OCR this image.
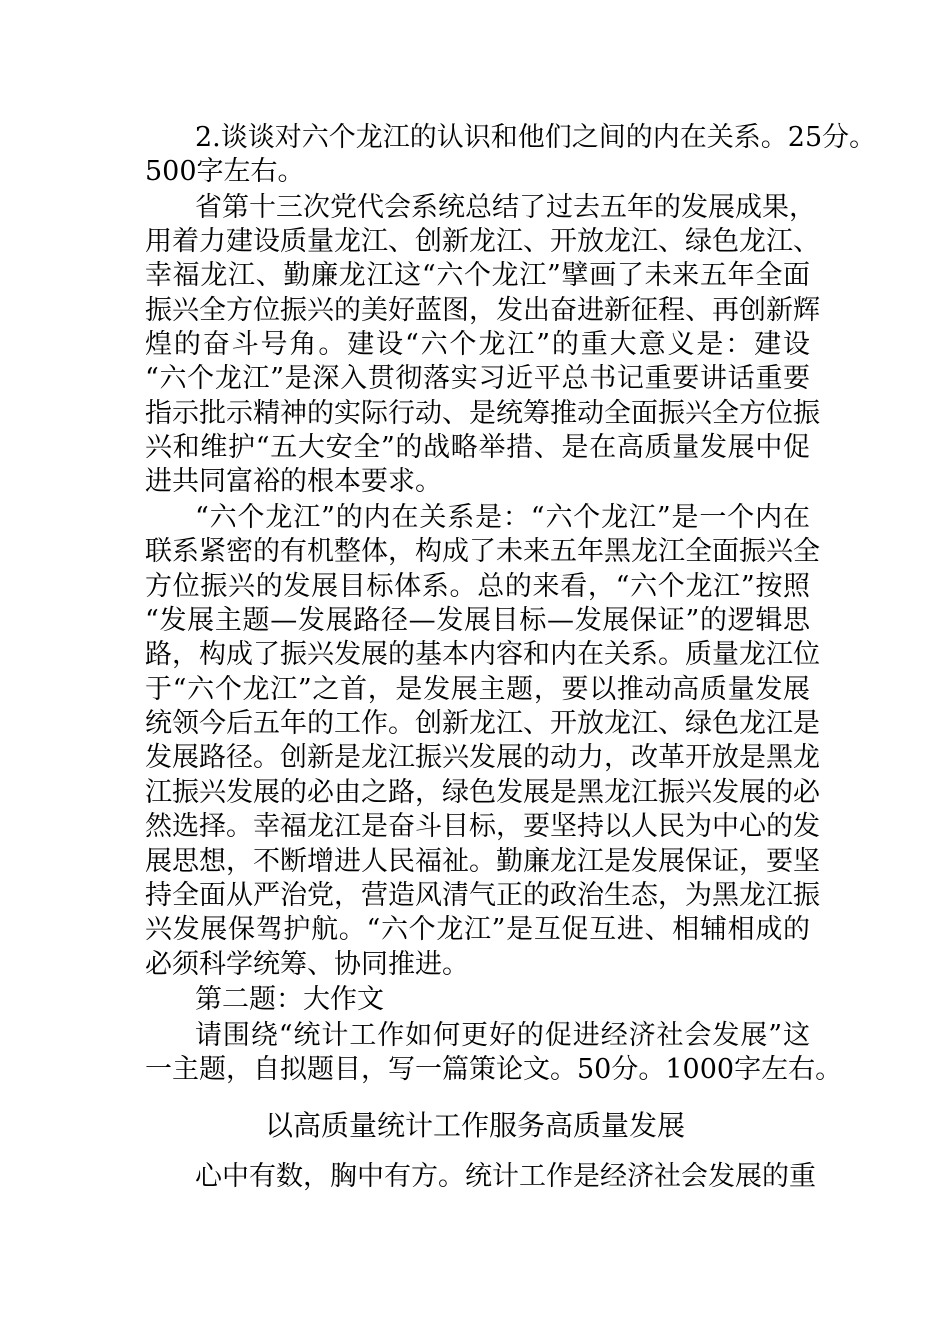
2.谈谈对六个龙江的认识和他们之间的内在关系。25分。
500字左右。
省第十三次党代会系统总结了过去五年的发展成果，
用着力建设质量龙江、创新龙江、开放龙江、绿色龙江、
幸福龙江、勤廉龙江这“六个龙江”擘画了未来五年全面
振兴全方位振兴的美好蓝图，发出奋进新征程、再创新辉
煌的奋斗号角。建设“六个龙江”的重大意义是：建设
“六个龙江”是深入贯彻落实习近平总书记重要讲话重要
指示批示精神的实际行动、是统筹推动全面振兴全方位振
兴和维护“五大安全”的战略举措、是在高质量发展中促
进共同富裕的根本要求。
“六个龙江”的内在关系是：“六个龙江”是一个内在
联系紧密的有机整体，构成了未来五年黑龙江全面振兴全
方位振兴的发展目标体系。总的来看，“六个龙江”按照
“发展主题—发展路径—发展目标—发展保证”的逻辑思
路，构成了振兴发展的基本内容和内在关系。质量龙江位
于“六个龙江”之首，是发展主题，要以推动高质量发展
统领今后五年的工作。创新龙江、开放龙江、绿色龙江是
发展路径。创新是龙江振兴发展的动力，改革开放是黑龙
江振兴发展的必由之路，绿色发展是黑龙江振兴发展的必
然选择。幸福龙江是奋斗目标，要坚持以人民为中心的发
展思想，不断增进人民福祉。勤廉龙江是发展保证，要坚
持全面从严治党，营造风清气正的政治生态，为黑龙江振
兴发展保驾护航。“六个龙江”是互促互进、相辅相成的
必须科学统筹、协同推进。
第二题：大作文
请围绕“统计工作如何更好的促进经济社会发展”这
一主题，自拟题目，写一篇策论文。50分。1000字左右。
以高质量统计工作服务高质量发展
心中有数，胸中有方。统计工作是经济社会发展的重
